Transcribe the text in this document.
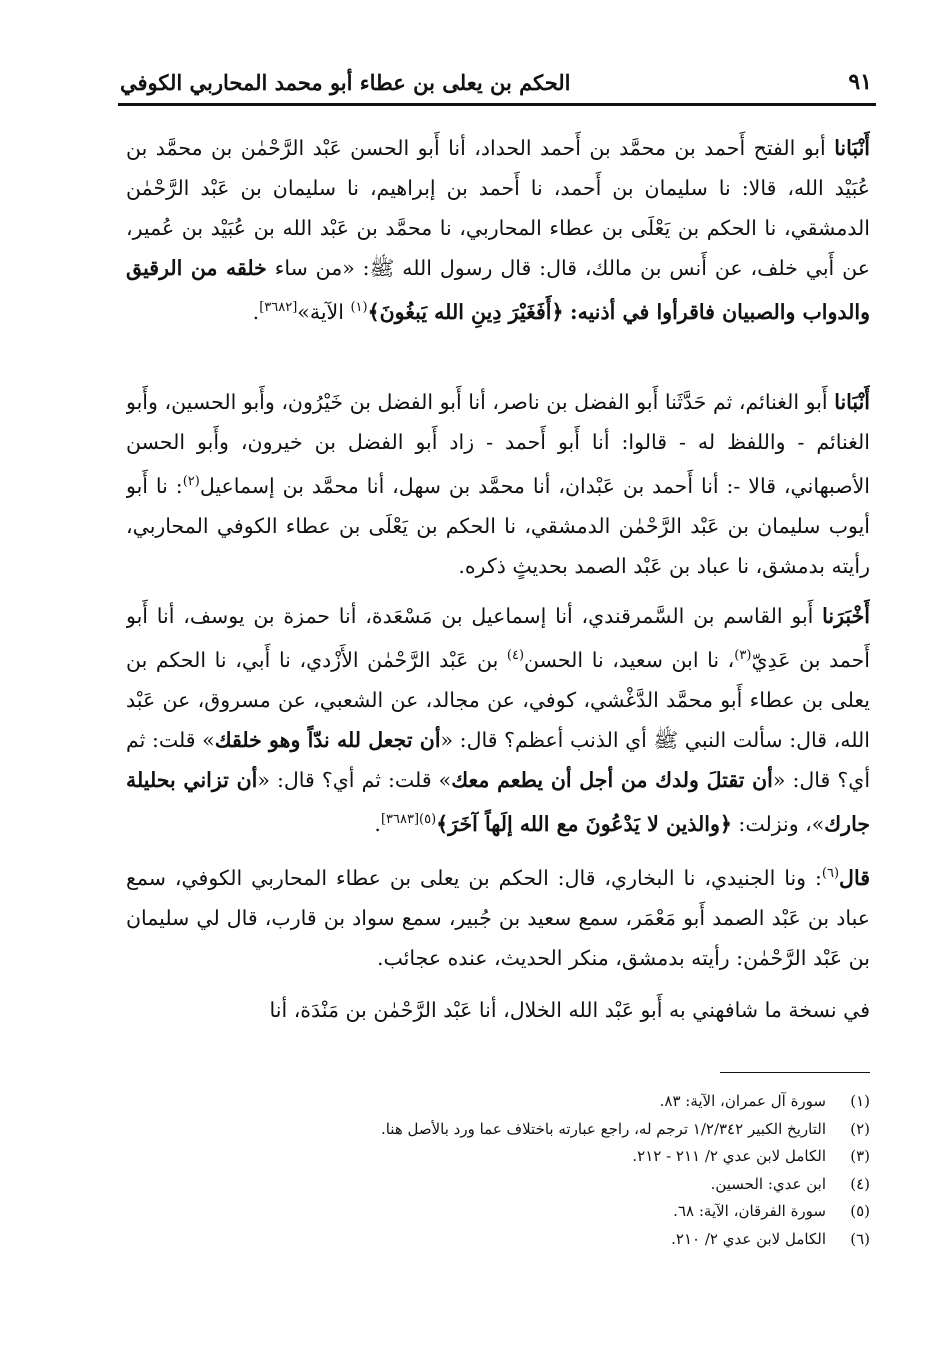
الحكم بن يعلى بن عطاء أبو محمد المحاربي الكوفي	٩١

أَنْبَانا أبو الفتح أَحمد بن محمَّد بن أَحمد الحداد، أنا أَبو الحسن عَبْد الرَّحْمٰن بن محمَّد بن عُبَيْد الله، قالا: نا سليمان بن أَحمد، نا أَحمد بن إبراهيم، نا سليمان بن عَبْد الرَّحْمٰن الدمشقي، نا الحكم بن يَعْلَى بن عطاء المحاربي، نا محمَّد بن عَبْد الله بن عُبَيْد بن عُمير، عن أَبي خلف، عن أَنس بن مالك، قال: قال رسول الله ﷺ: «من ساء خلقه من الرقيق والدواب والصبيان فاقرأوا في أذنيه: ﴿أَفَغَيْرَ دِينِ الله يَبغُونَ﴾$^{(١)}$ الآية»[٣٦٨٢].

أَنْبَانا أَبو الغنائم، ثم حَدَّثَنا أَبو الفضل بن ناصر، أنا أَبو الفضل بن خَيْرُون، وأَبو الحسين، وأَبو الغنائم - واللفظ له - قالوا: أنا أَبو أَحمد - زاد أَبو الفضل بن خيرون، وأَبو الحسن الأصبهاني، قالا -: أنا أَحمد بن عَبْدان، أنا محمَّد بن سهل، أنا محمَّد بن إسماعيل$^{(٢)}$: نا أَبو أيوب سليمان بن عَبْد الرَّحْمٰن الدمشقي، نا الحكم بن يَعْلَى بن عطاء الكوفي المحاربي، رأيته بدمشق، نا عباد بن عَبْد الصمد بحديثٍ ذكره.

أَخْبَرَنا أَبو القاسم بن السَّمرقندي، أنا إسماعيل بن مَسْعَدة، أنا حمزة بن يوسف، أنا أَبو أَحمد بن عَدِيّ$^{(٣)}$، نا ابن سعيد، نا الحسن$^{(٤)}$ بن عَبْد الرَّحْمٰن الأَزْدي، نا أَبي، نا الحكم بن يعلى بن عطاء أَبو محمَّد الدَّغْشي، كوفي، عن مجالد، عن الشعبي، عن مسروق، عن عَبْد الله، قال: سألت النبي ﷺ أي الذنب أعظم؟ قال: «أن تجعل لله ندّاً وهو خلقك» قلت: ثم أي؟ قال: «أن تقتلَ ولدك من أجل أن يطعم معك» قلت: ثم أي؟ قال: «أن تزاني بحليلة جارك»، ونزلت: ﴿والذين لا يَدْعُونَ مع الله إلَهاً آخَرَ﴾$^{(٥)[٣٦٨٣]}$.

قال$^{(٦)}$: ونا الجنيدي، نا البخاري، قال: الحكم بن يعلى بن عطاء المحاربي الكوفي، سمع عباد بن عَبْد الصمد أَبو مَعْمَر، سمع سعيد بن جُبير، سمع سواد بن قارب، قال لي سليمان بن عَبْد الرَّحْمٰن: رأيته بدمشق، منكر الحديث، عنده عجائب.

في نسخة ما شافهني به أَبو عَبْد الله الخلال، أنا عَبْد الرَّحْمٰن بن مَنْدَة، أنا

(١)
سورة آل عمران، الآية: ٨٣.
(٢)
التاريخ الكبير ١/٢/٣٤٢ ترجم له، راجع عبارته باختلاف عما ورد بالأصل هنا.
(٣)
الكامل لابن عدي ٢/ ٢١١ - ٢١٢.
(٤)
ابن عدي: الحسين.
(٥)
سورة الفرقان، الآية: ٦٨.
(٦)
الكامل لابن عدي ٢/ ٢١٠.
